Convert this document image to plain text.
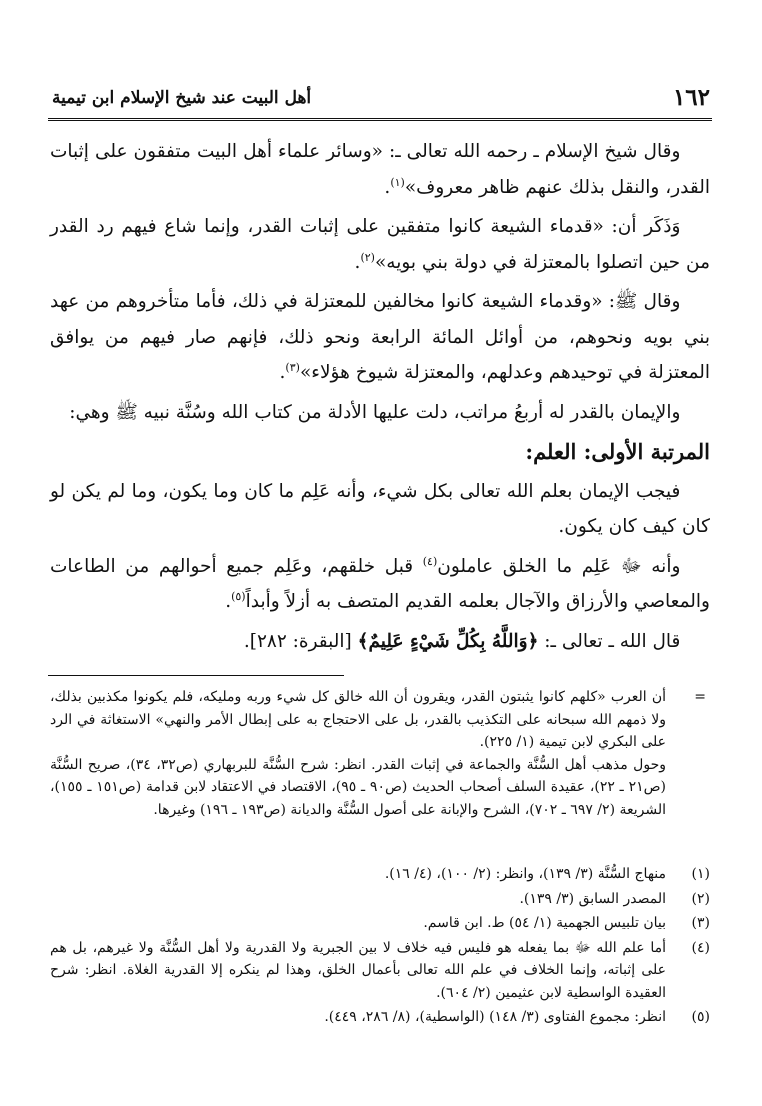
١٦٢
أهل البيت عند شيخ الإسلام ابن تيمية

وقال شيخ الإسلام ـ رحمه الله تعالى ـ: «وسائر علماء أهل البيت متفقون على إثبات القدر، والنقل بذلك عنهم ظاهر معروف»$^{(١)}$.

وَذَكَر أن: «قدماء الشيعة كانوا متفقين على إثبات القدر، وإنما شاع فيهم رد القدر من حين اتصلوا بالمعتزلة في دولة بني بويه»$^{(٢)}$.

وقال ﷺ: «وقدماء الشيعة كانوا مخالفين للمعتزلة في ذلك، فأما متأخروهم من عهد بني بويه ونحوهم، من أوائل المائة الرابعة ونحو ذلك، فإنهم صار فيهم من يوافق المعتزلة في توحيدهم وعدلهم، والمعتزلة شيوخ هؤلاء»$^{(٣)}$.

والإيمان بالقدر له أربعُ مراتب، دلت عليها الأدلة من كتاب الله وسُنَّة نبيه ﷺ وهي:

المرتبة الأولى: العلم:

فيجب الإيمان بعلم الله تعالى بكل شيء، وأنه عَلِم ما كان وما يكون، وما لم يكن لو كان كيف كان يكون.

وأنه ﷻ عَلِم ما الخلق عاملون$^{(٤)}$ قبل خلقهم، وعَلِم جميع أحوالهم من الطاعات والمعاصي والأرزاق والآجال بعلمه القديم المتصف به أزلاً وأبداً$^{(٥)}$.

قال الله ـ تعالى ـ: ﴿وَاللَّهُ بِكُلِّ شَيْءٍ عَلِيمٌ﴾ [البقرة: ٢٨٢].

=

أن العرب «كلهم كانوا يثبتون القدر، ويقرون أن الله خالق كل شيء وربه ومليكه، فلم يكونوا مكذبين بذلك، ولا ذمهم الله سبحانه على التكذيب بالقدر، بل على الاحتجاج به على إبطال الأمر والنهي» الاستغاثة في الرد على البكري لابن تيمية (١/ ٢٢٥).

وحول مذهب أهل السُّنَّة والجماعة في إثبات القدر. انظر: شرح السُّنَّة للبربهاري (ص٣٢، ٣٤)، صريح السُّنَّة (ص٢١ ـ ٢٢)، عقيدة السلف أصحاب الحديث (ص٩٠ ـ ٩٥)، الاقتصاد في الاعتقاد لابن قدامة (ص١٥١ ـ ١٥٥)، الشريعة (٢/ ٦٩٧ ـ ٧٠٢)، الشرح والإبانة على أصول السُّنَّة والديانة (ص١٩٣ ـ ١٩٦) وغيرها.

(١)
منهاج السُّنَّة (٣/ ١٣٩)، وانظر: (٢/ ١٠٠)، (٤/ ١٦).
(٢)
المصدر السابق (٣/ ١٣٩).
(٣)
بيان تلبيس الجهمية (١/ ٥٤) ط. ابن قاسم.
(٤)
أما علم الله ﷻ بما يفعله هو فليس فيه خلاف لا بين الجبرية ولا القدرية ولا أهل السُّنَّة ولا غيرهم، بل هم على إثباته، وإنما الخلاف في علم الله تعالى بأعمال الخلق، وهذا لم ينكره إلا القدرية الغلاة. انظر: شرح العقيدة الواسطية لابن عثيمين (٢/ ٦٠٤).
(٥)
انظر: مجموع الفتاوى (٣/ ١٤٨) (الواسطية)، (٨/ ٢٨٦، ٤٤٩).
